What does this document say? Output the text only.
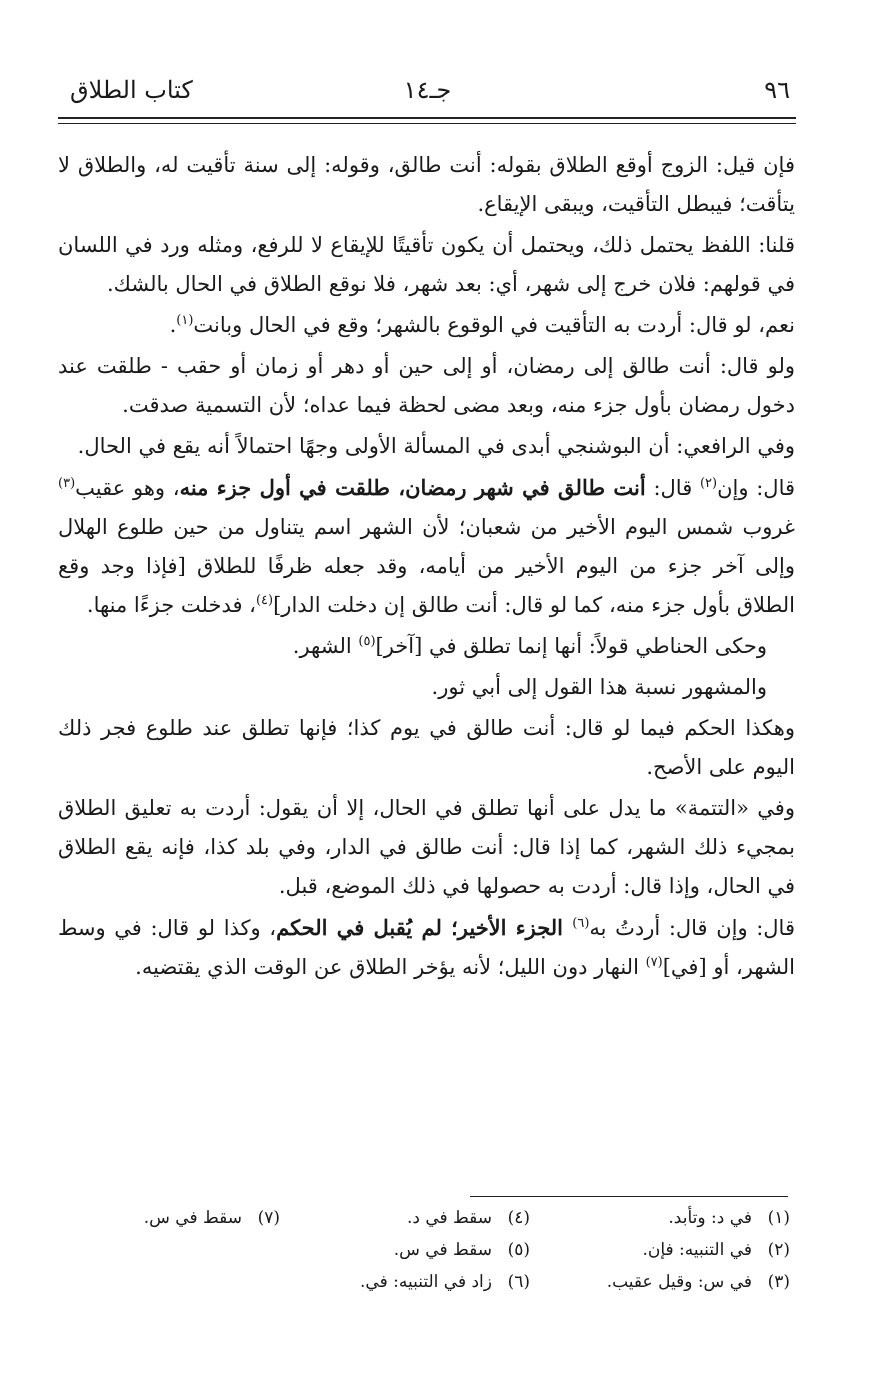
٩٦
جـ١٤
كتاب الطلاق

فإن قيل: الزوج أوقع الطلاق بقوله: أنت طالق، وقوله: إلى سنة تأقيت له، والطلاق لا يتأقت؛ فيبطل التأقيت، ويبقى الإيقاع.

قلنا: اللفظ يحتمل ذلك، ويحتمل أن يكون تأقيتًا للإيقاع لا للرفع، ومثله ورد في اللسان في قولهم: فلان خرج إلى شهر، أي: بعد شهر، فلا نوقع الطلاق في الحال بالشك.

نعم، لو قال: أردت به التأقيت في الوقوع بالشهر؛ وقع في الحال وبانت$^{(١)}$.

ولو قال: أنت طالق إلى رمضان، أو إلى حين أو دهر أو زمان أو حقب - طلقت عند دخول رمضان بأول جزء منه، وبعد مضى لحظة فيما عداه؛ لأن التسمية صدقت.

وفي الرافعي: أن البوشنجي أبدى في المسألة الأولى وجهًا احتمالاً أنه يقع في الحال.

قال: وإن$^{(٢)}$ قال: أنت طالق في شهر رمضان، طلقت في أول جزء منه، وهو عقيب$^{(٣)}$ غروب شمس اليوم الأخير من شعبان؛ لأن الشهر اسم يتناول من حين طلوع الهلال وإلى آخر جزء من اليوم الأخير من أيامه، وقد جعله ظرفًا للطلاق [فإذا وجد وقع الطلاق بأول جزء منه، كما لو قال: أنت طالق إن دخلت الدار]$^{(٤)}$، فدخلت جزءًا منها.

وحكى الحناطي قولاً: أنها إنما تطلق في [آخر]$^{(٥)}$ الشهر.

والمشهور نسبة هذا القول إلى أبي ثور.

وهكذا الحكم فيما لو قال: أنت طالق في يوم كذا؛ فإنها تطلق عند طلوع فجر ذلك اليوم على الأصح.

وفي «التتمة» ما يدل على أنها تطلق في الحال، إلا أن يقول: أردت به تعليق الطلاق بمجيء ذلك الشهر، كما إذا قال: أنت طالق في الدار، وفي بلد كذا، فإنه يقع الطلاق في الحال، وإذا قال: أردت به حصولها في ذلك الموضع، قبل.

قال: وإن قال: أردتُ به$^{(٦)}$ الجزء الأخير؛ لم يُقبل في الحكم، وكذا لو قال: في وسط الشهر، أو [في]$^{(٧)}$ النهار دون الليل؛ لأنه يؤخر الطلاق عن الوقت الذي يقتضيه.

(١)في د: وتأبد.
(٢)في التنبيه: فإن.
(٣)في س: وقيل عقيب.
(٤)سقط في د.
(٥)سقط في س.
(٦)زاد في التنبيه: في.
(٧)سقط في س.
